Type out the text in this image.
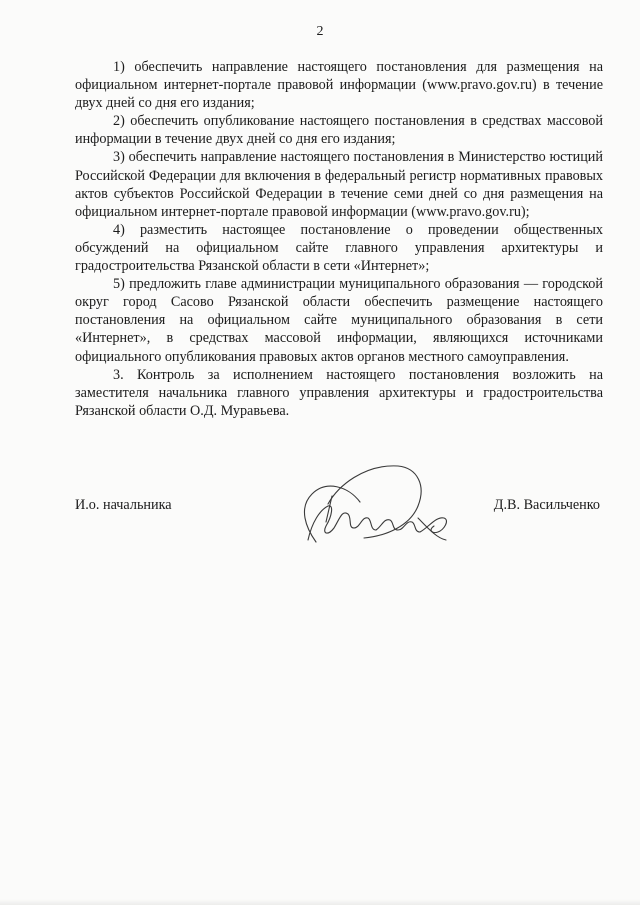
2

1) обеспечить направление настоящего постановления для размещения на официальном интернет-портале правовой информации (www.pravo.gov.ru) в течение двух дней со дня его издания;

2) обеспечить опубликование настоящего постановления в средствах массовой информации в течение двух дней со дня его издания;

3) обеспечить направление настоящего постановления в Министерство юстиций Российской Федерации для включения в федеральный регистр нормативных правовых актов субъектов Российской Федерации в течение семи дней со дня размещения на официальном интернет-портале правовой информации (www.pravo.gov.ru);

4) разместить настоящее постановление о проведении общественных обсуждений на официальном сайте главного управления архитектуры и градостроительства Рязанской области в сети «Интернет»;

5) предложить главе администрации муниципального образования — городской округ город Сасово Рязанской области обеспечить размещение настоящего постановления на официальном сайте муниципального образования в сети «Интернет», в средствах массовой информации, являющихся источниками официального опубликования правовых актов органов местного самоуправления.

3. Контроль за исполнением настоящего постановления возложить на заместителя начальника главного управления архитектуры и градостроительства Рязанской области О.Д. Муравьева.

И.о. начальника	Д.В. Васильченко
